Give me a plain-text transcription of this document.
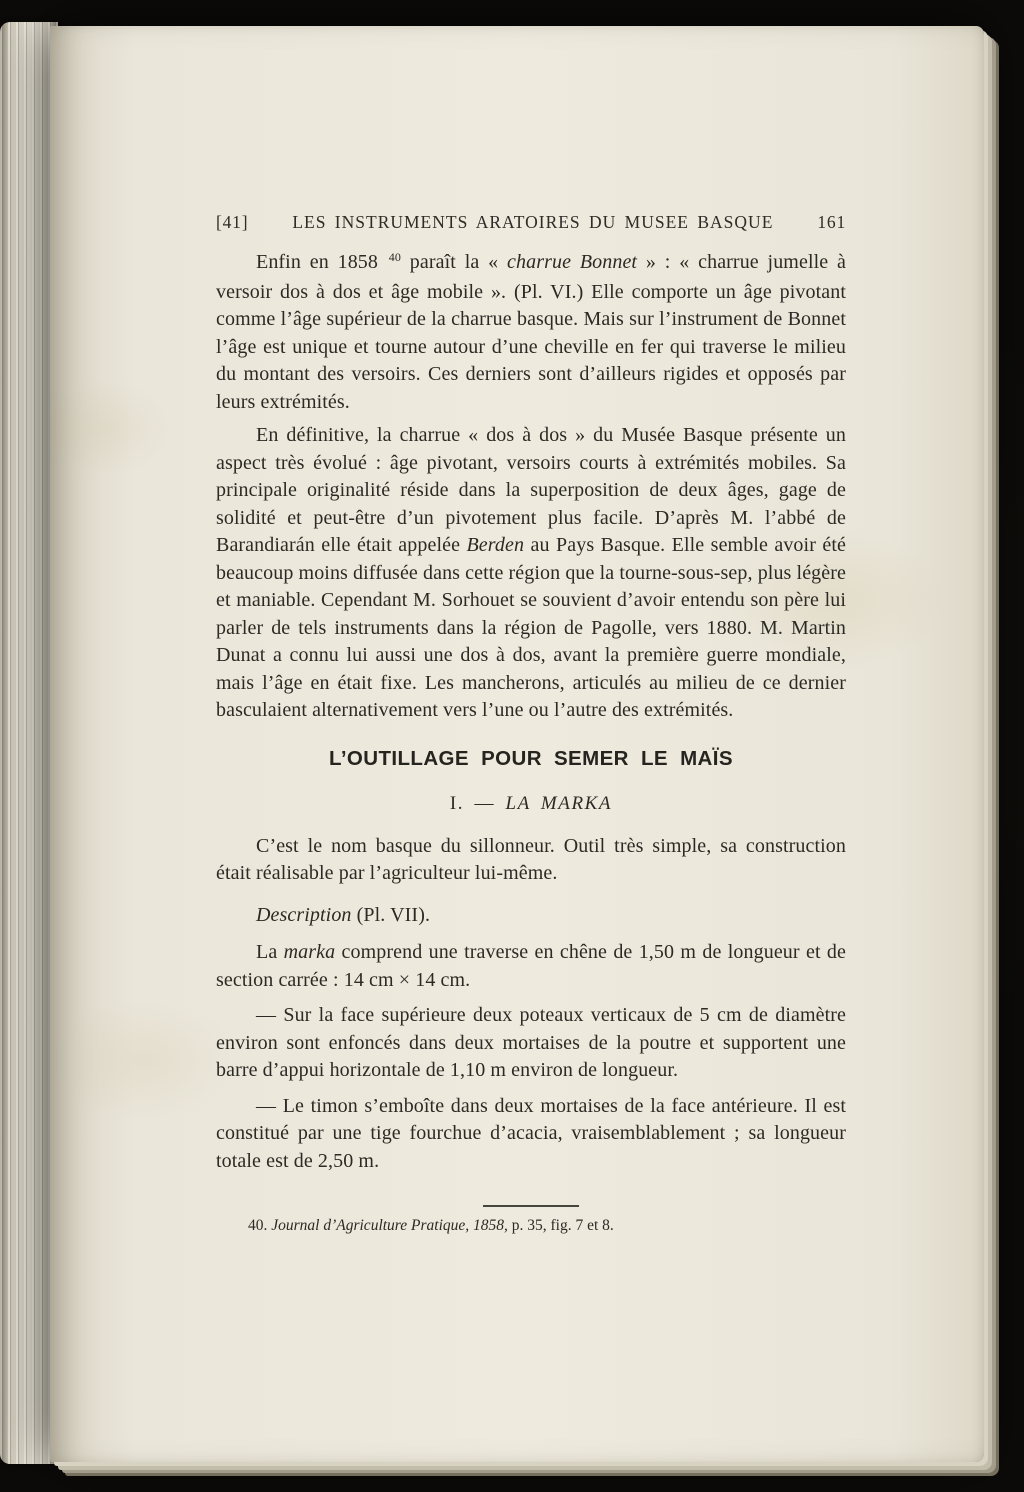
[41]	LES INSTRUMENTS ARATOIRES DU MUSEE BASQUE	161

Enfin en 1858 $^{40}$ paraît la « charrue Bonnet » : « charrue jumelle à versoir dos à dos et âge mobile ». (Pl. VI.) Elle comporte un âge pivotant comme l’âge supérieur de la charrue basque. Mais sur l’instrument de Bonnet l’âge est unique et tourne autour d’une cheville en fer qui traverse le milieu du montant des versoirs. Ces derniers sont d’ailleurs rigides et opposés par leurs extrémités.

En définitive, la charrue « dos à dos » du Musée Basque présente un aspect très évolué : âge pivotant, versoirs courts à extrémités mobiles. Sa principale originalité réside dans la superposition de deux âges, gage de solidité et peut-être d’un pivotement plus facile. D’après M. l’abbé de Barandiarán elle était appelée Berden au Pays Basque. Elle semble avoir été beaucoup moins diffusée dans cette région que la tourne-sous-sep, plus légère et maniable. Cependant M. Sorhouet se souvient d’avoir entendu son père lui parler de tels instruments dans la région de Pagolle, vers 1880. M. Martin Dunat a connu lui aussi une dos à dos, avant la première guerre mondiale, mais l’âge en était fixe. Les mancherons, articulés au milieu de ce dernier basculaient alternativement vers l’une ou l’autre des extrémités.

L’OUTILLAGE POUR SEMER LE MAÏS
I. — LA MARKA

C’est le nom basque du sillonneur. Outil très simple, sa construction était réalisable par l’agriculteur lui-même.

Description (Pl. VII).

La marka comprend une traverse en chêne de 1,50 m de longueur et de section carrée : 14 cm × 14 cm.

— Sur la face supérieure deux poteaux verticaux de 5 cm de diamètre environ sont enfoncés dans deux mortaises de la poutre et supportent une barre d’appui horizontale de 1,10 m environ de longueur.

— Le timon s’emboîte dans deux mortaises de la face antérieure. Il est constitué par une tige fourchue d’acacia, vraisemblablement ; sa longueur totale est de 2,50 m.

40. Journal d’Agriculture Pratique, 1858, p. 35, fig. 7 et 8.
